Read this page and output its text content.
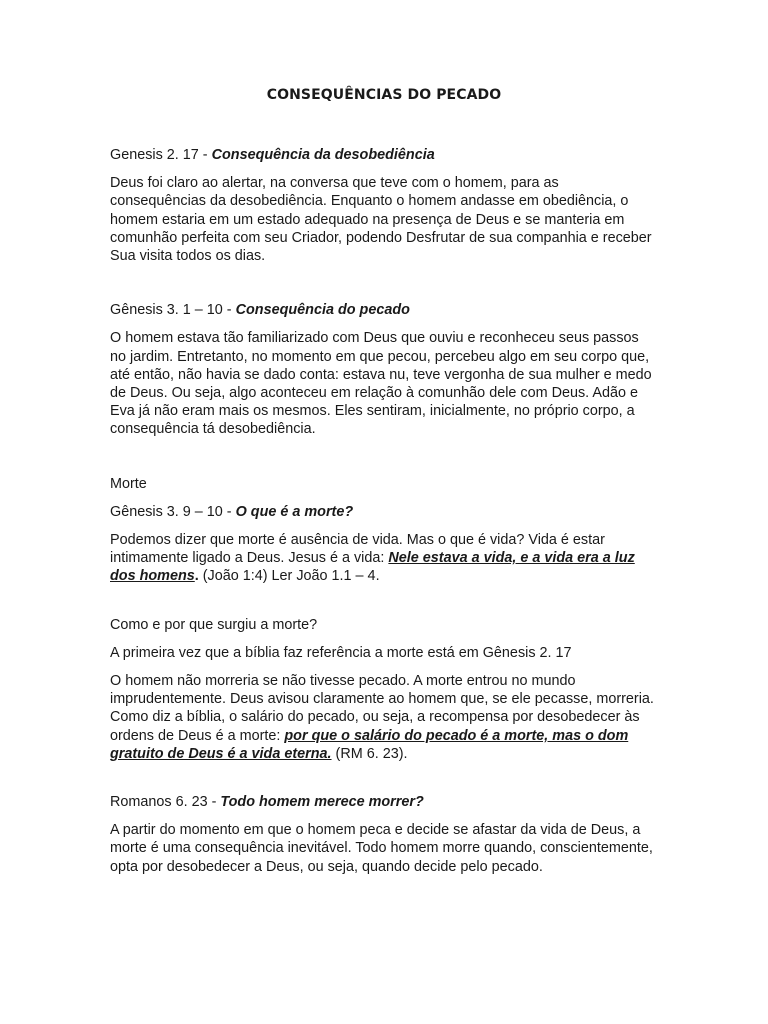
CONSEQUÊNCIAS DO PECADO

Genesis 2. 17 - Consequência da desobediência

Deus foi claro ao alertar, na conversa que teve com o homem, para as consequências da desobediência. Enquanto o homem andasse em obediência, o homem estaria em um estado adequado na presença de Deus e se manteria em comunhão perfeita com seu Criador, podendo Desfrutar de sua companhia e receber Sua visita todos os dias.

Gênesis 3. 1 – 10 - Consequência do pecado

O homem estava tão familiarizado com Deus que ouviu e reconheceu seus passos no jardim. Entretanto, no momento em que pecou, percebeu algo em seu corpo que, até então, não havia se dado conta: estava nu, teve vergonha de sua mulher e medo de Deus. Ou seja, algo aconteceu em relação à comunhão dele com Deus. Adão e Eva já não eram mais os mesmos. Eles sentiram, inicialmente, no próprio corpo, a consequência tá desobediência.

Morte

Gênesis 3. 9 – 10 - O que é a morte?

Podemos dizer que morte é ausência de vida. Mas o que é vida? Vida é estar intimamente ligado a Deus. Jesus é a vida: Nele estava a vida, e a vida era a luz dos homens. (João 1:4) Ler João 1.1 – 4.

Como e por que surgiu a morte?

A primeira vez que a bíblia faz referência a morte está em Gênesis 2. 17

O homem não morreria se não tivesse pecado. A morte entrou no mundo imprudentemente. Deus avisou claramente ao homem que, se ele pecasse, morreria. Como diz a bíblia, o salário do pecado, ou seja, a recompensa por desobedecer às ordens de Deus é a morte: por que o salário do pecado é a morte, mas o dom gratuito de Deus é a vida eterna. (RM 6. 23).

Romanos 6. 23 - Todo homem merece morrer?

A partir do momento em que o homem peca e decide se afastar da vida de Deus, a morte é uma consequência inevitável. Todo homem morre quando, conscientemente, opta por desobedecer a Deus, ou seja, quando decide pelo pecado.
